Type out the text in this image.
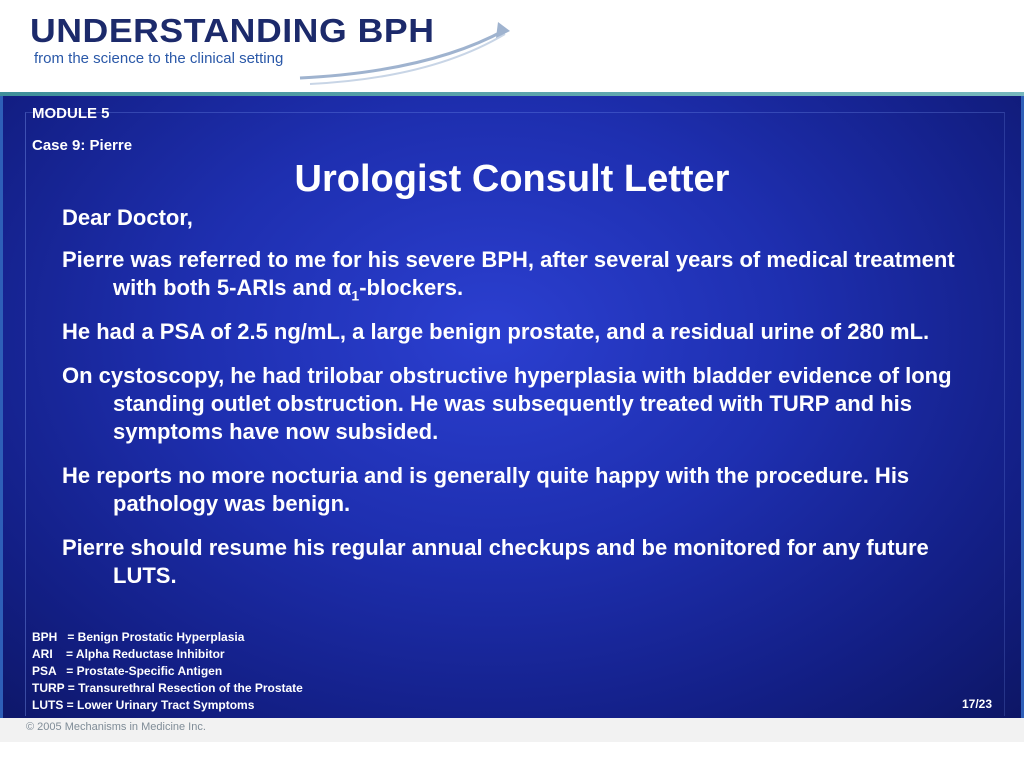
UNDERSTANDING BPH
from the science to the clinical setting
MODULE 5
Case 9: Pierre
Urologist Consult Letter

Dear Doctor,

Pierre was referred to me for his severe BPH, after several years of medical treatment with both 5-ARIs and $\alpha_1$-blockers.

He had a PSA of 2.5 ng/mL, a large benign prostate, and a residual urine of 280 mL.

On cystoscopy, he had trilobar obstructive hyperplasia with bladder evidence of long standing outlet obstruction. He was subsequently treated with TURP and his symptoms have now subsided.

He reports no more nocturia and is generally quite happy with the procedure. His pathology was benign.

Pierre should resume his regular annual checkups and be monitored for any future LUTS.

BPH   = Benign Prostatic Hyperplasia
ARI    = Alpha Reductase Inhibitor
PSA   = Prostate-Specific Antigen
TURP = Transurethral Resection of the Prostate
LUTS = Lower Urinary Tract Symptoms	17/23
© 2005 Mechanisms in Medicine Inc.
